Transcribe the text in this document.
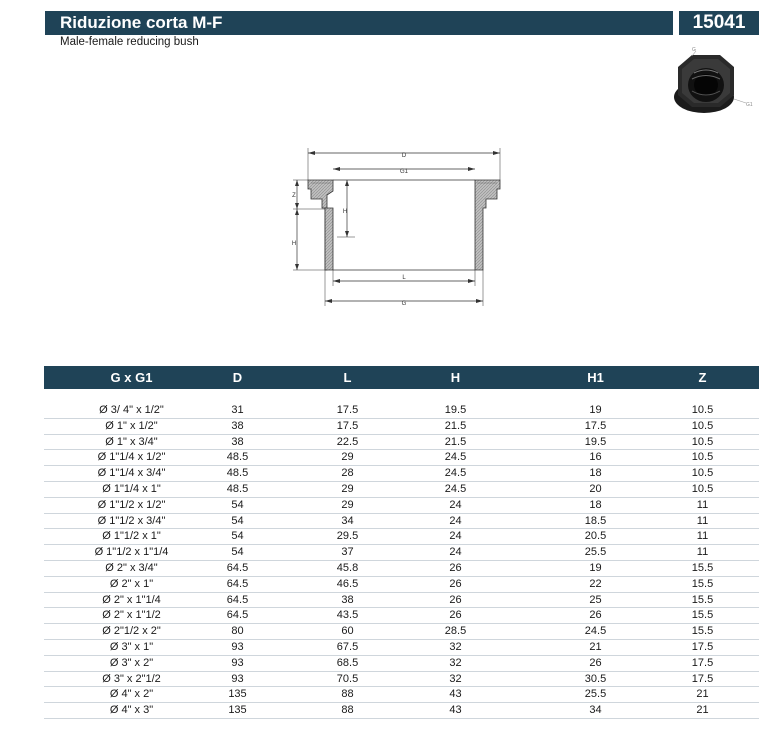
Riduzione corta M-F	15041
Male-female reducing bush
G
G1
D
G1
Z
H
H
L
G
G x G1	D	L	H	H1	Z
Ø 3/ 4" x 1/2"	31	17.5	19.5	19	10.5
Ø 1" x 1/2"	38	17.5	21.5	17.5	10.5
Ø 1" x 3/4"	38	22.5	21.5	19.5	10.5
Ø 1"1/4 x 1/2"	48.5	29	24.5	16	10.5
Ø 1"1/4 x 3/4"	48.5	28	24.5	18	10.5
Ø 1"1/4 x 1"	48.5	29	24.5	20	10.5
Ø 1"1/2 x 1/2"	54	29	24	18	11
Ø 1"1/2 x 3/4"	54	34	24	18.5	11
Ø 1"1/2 x 1"	54	29.5	24	20.5	11
Ø 1"1/2 x 1"1/4	54	37	24	25.5	11
Ø 2" x 3/4"	64.5	45.8	26	19	15.5
Ø 2" x 1"	64.5	46.5	26	22	15.5
Ø 2" x 1"1/4	64.5	38	26	25	15.5
Ø 2" x 1"1/2	64.5	43.5	26	26	15.5
Ø 2"1/2 x 2"	80	60	28.5	24.5	15.5
Ø 3" x 1"	93	67.5	32	21	17.5
Ø 3" x 2"	93	68.5	32	26	17.5
Ø 3" x 2"1/2	93	70.5	32	30.5	17.5
Ø 4" x 2"	135	88	43	25.5	21
Ø 4" x 3"	135	88	43	34	21
